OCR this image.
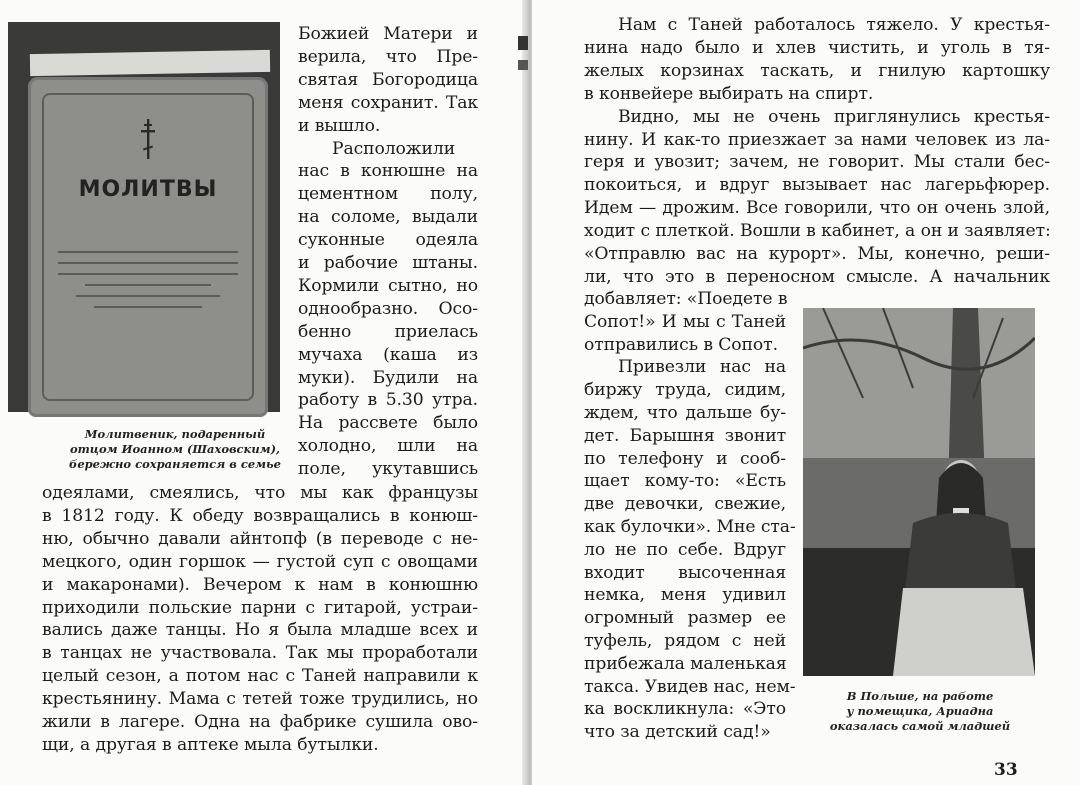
МОЛИТВЫ
Божией Матери и
верила, что Пре-
святая Богородица
меня сохранит. Так
и вышло.
Расположили
нас в конюшне на
цементном полу,
на соломе, выдали
суконные одеяла
и рабочие штаны.
Кормили сытно, но
однообразно. Осо-
бенно приелась
мучаха (каша из
муки). Будили на
работу в 5.30 утра.
На рассвете было
холодно, шли на
поле, укутавшись
одеялами, смеялись, что мы как французы
в 1812 году. К обеду возвращались в конюш-
ню, обычно давали айнтопф (в переводе с не-
мецкого, один горшок — густой суп с овощами
и макаронами). Вечером к нам в конюшню
приходили польские парни с гитарой, устраи-
вались даже танцы. Но я была младше всех и
в танцах не участвовала. Так мы проработали
целый сезон, а потом нас с Таней направили к
крестьянину. Мама с тетей тоже трудились, но
жили в лагере. Одна на фабрике сушила ово-
щи, а другая в аптеке мыла бутылки.
Молитвеник, подаренный
отцом Иоанном (Шаховским),
бережно сохраняется в семье
Нам с Таней работалось тяжело. У крестья-
нина надо было и хлев чистить, и уголь в тя-
желых корзинах таскать, и гнилую картошку
в конвейере выбирать на спирт.
Видно, мы не очень приглянулись крестья-
нину. И как-то приезжает за нами человек из ла-
геря и увозит; зачем, не говорит. Мы стали бес-
покоиться, и вдруг вызывает нас лагерьфюрер.
Идем — дрожим. Все говорили, что он очень злой,
ходит с плеткой. Вошли в кабинет, а он и заявляет:
«Отправлю вас на курорт». Мы, конечно, реши-
ли, что это в переносном смысле. А начальник
добавляет: «Поедете в
Сопот!» И мы с Таней
отправились в Сопот.
Привезли нас на
биржу труда, сидим,
ждем, что дальше бу-
дет. Барышня звонит
по телефону и сооб-
щает кому-то: «Есть
две девочки, свежие,
как булочки». Мне ста-
ло не по себе. Вдруг
входит высоченная
немка, меня удивил
огромный размер ее
туфель, рядом с ней
прибежала маленькая
такса. Увидев нас, нем-
ка воскликнула: «Это
что за детский сад!»
В Польше, на работе
у помещика, Ариадна
оказалась самой младшей
33
